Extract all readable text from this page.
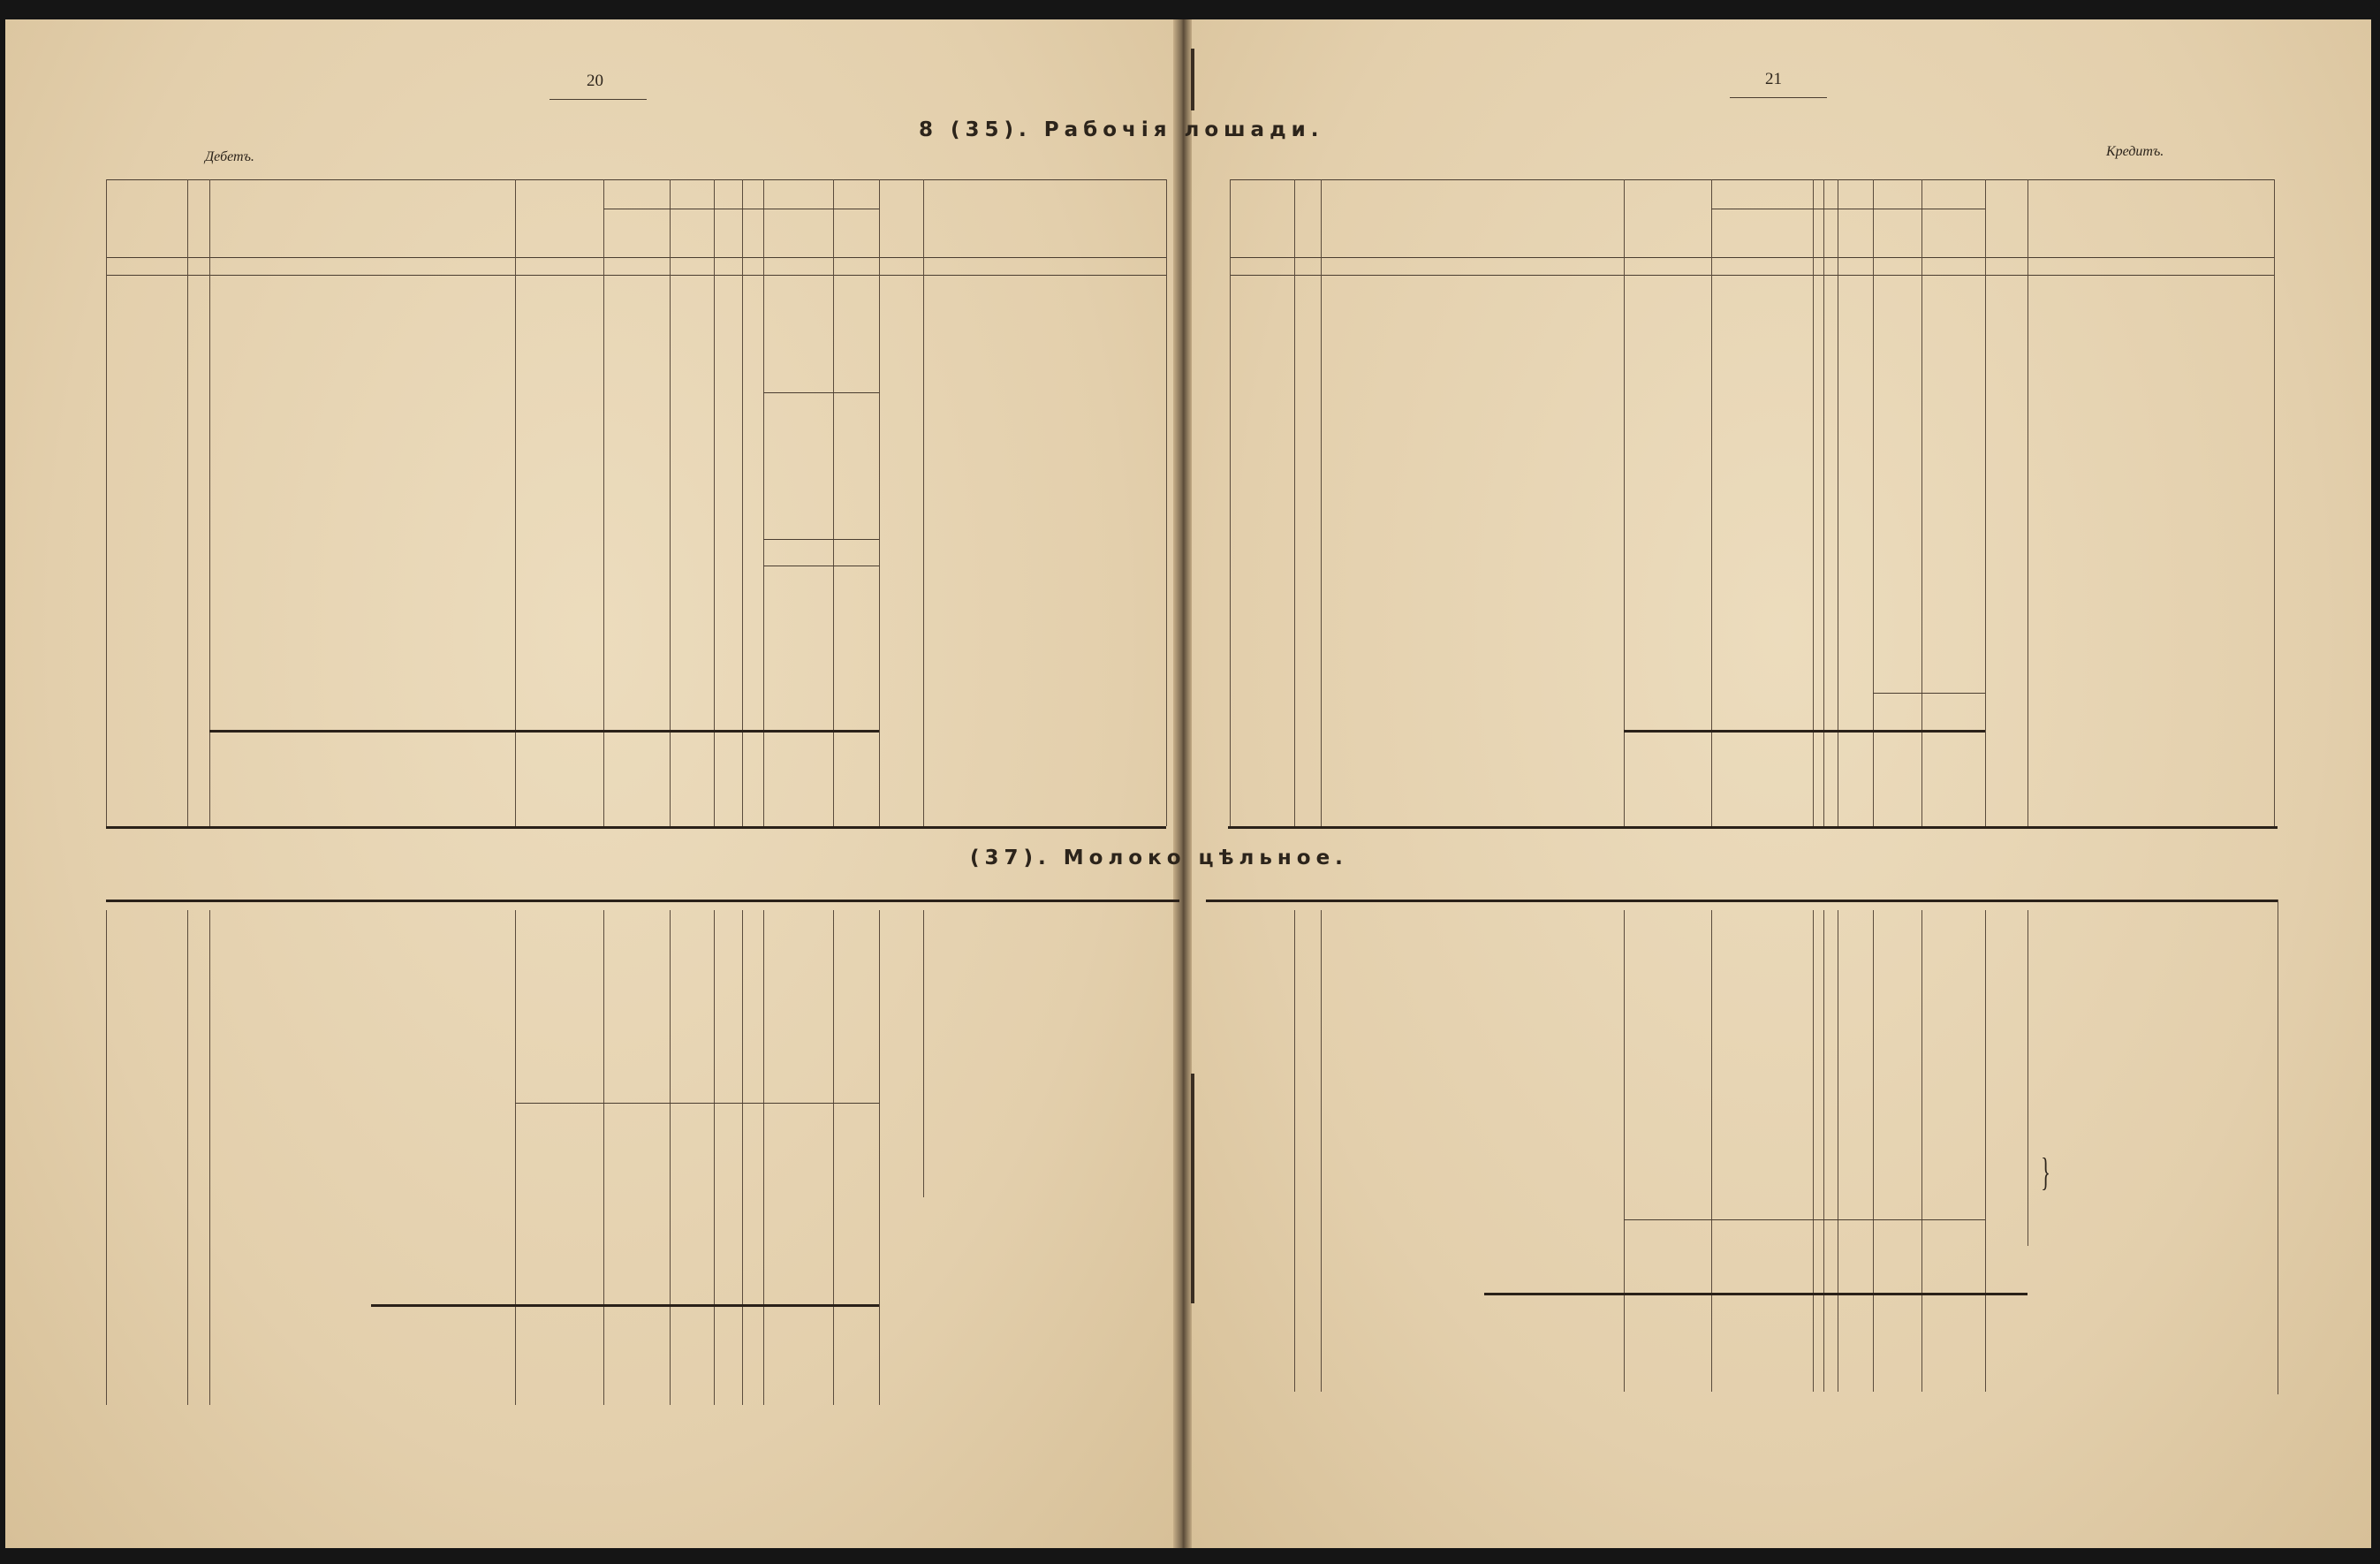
20	21
8 (35). Рабочія лошади.
Дебетъ.	Кредитъ.
(37). Молоко цѣльное.
}
